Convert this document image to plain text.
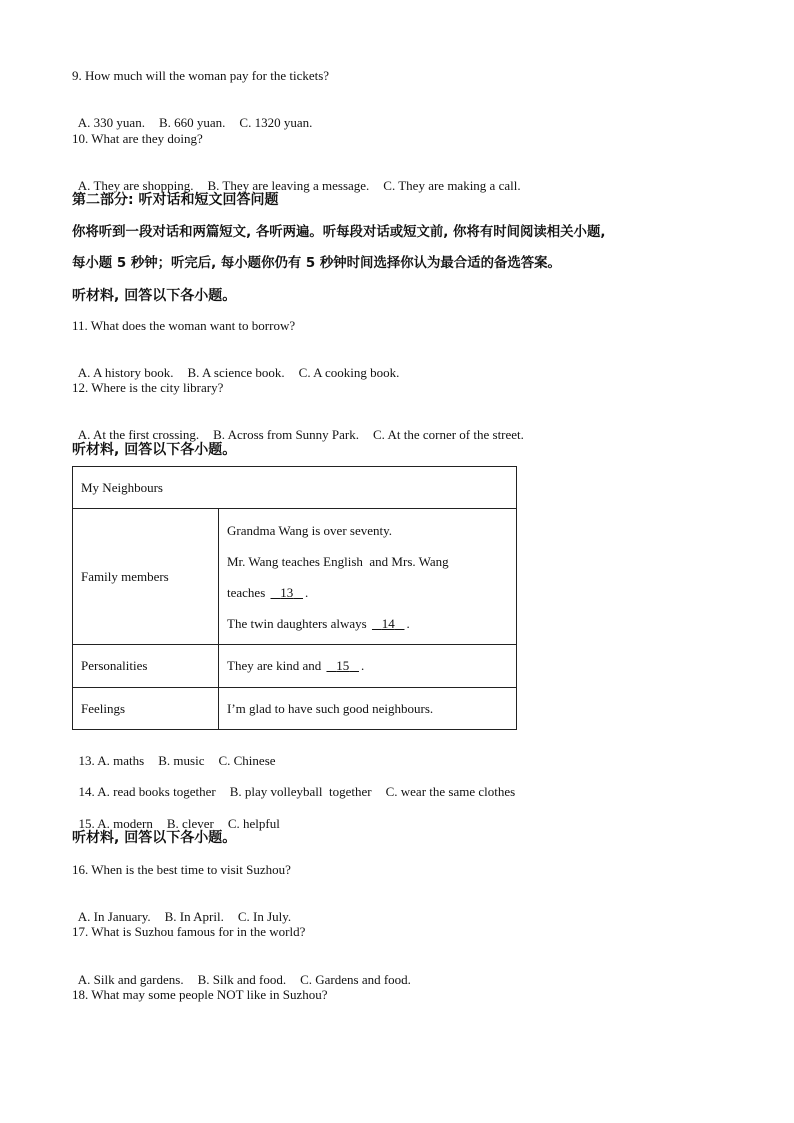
9. How much will the woman pay for the tickets?

A. 330 yuan. B. 660 yuan. C. 1320 yuan.

10. What are they doing?

A. They are shopping. B. They are leaving a message. C. They are making a call.

第二部分: 听对话和短文回答问题
你将听到一段对话和两篇短文, 各听两遍。听每段对话或短文前, 你将有时间阅读相关小题,
每小题 5 秒钟；听完后, 每小题你仍有 5 秒钟时间选择你认为最合适的备选答案。
听材料, 回答以下各小题。
11. What does the woman want to borrow?

A. A history book. B. A science book. C. A cooking book.

12. Where is the city library?

A. At the first crossing. B. Across from Sunny Park. C. At the corner of the street.

听材料, 回答以下各小题。
My Neighbours	
Family members	Grandma Wang is over seventy.
Mr. Wang teaches English  and Mrs. Wang
teaches    13 .
The twin daughters always    14 .

Personalities	They are kind and    15 .
Feelings	I’m glad to have such good neighbours.

13. A. maths B. music C. Chinese

14. A. read books together B. play volleyball  together C. wear the same clothes

15. A. modern B. clever C. helpful

听材料, 回答以下各小题。
16. When is the best time to visit Suzhou?

A. In January. B. In April. C. In July.

17. What is Suzhou famous for in the world?

A. Silk and gardens. B. Silk and food. C. Gardens and food.

18. What may some people NOT like in Suzhou?
